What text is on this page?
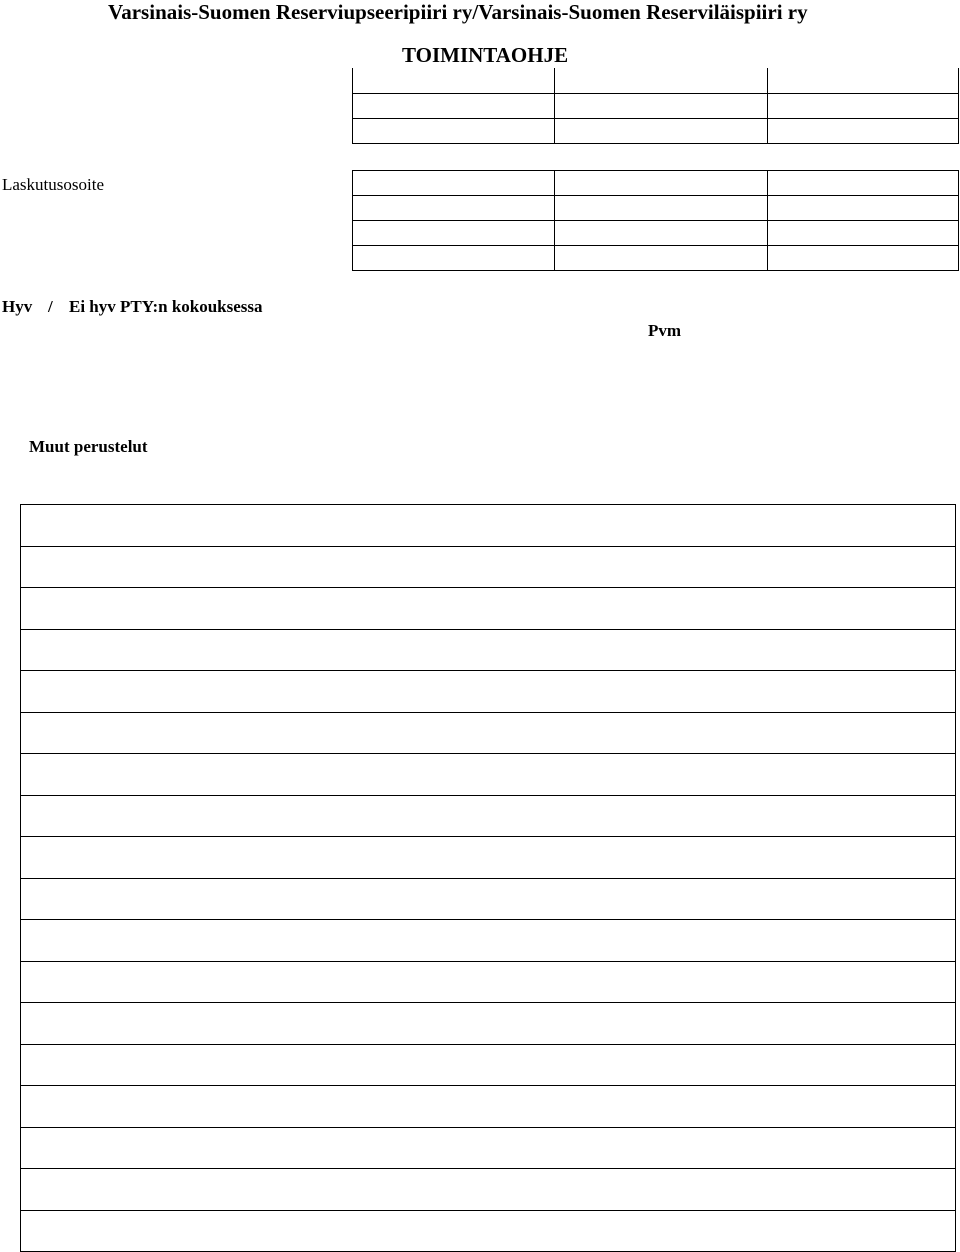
Varsinais-Suomen Reserviupseeripiiri ry/Varsinais-Suomen Reserviläispiiri ry
TOIMINTAOHJE

Laskutusosoite

Hyv / Ei hyv PTY:n kokouksessa
Pvm
Muut perustelut
